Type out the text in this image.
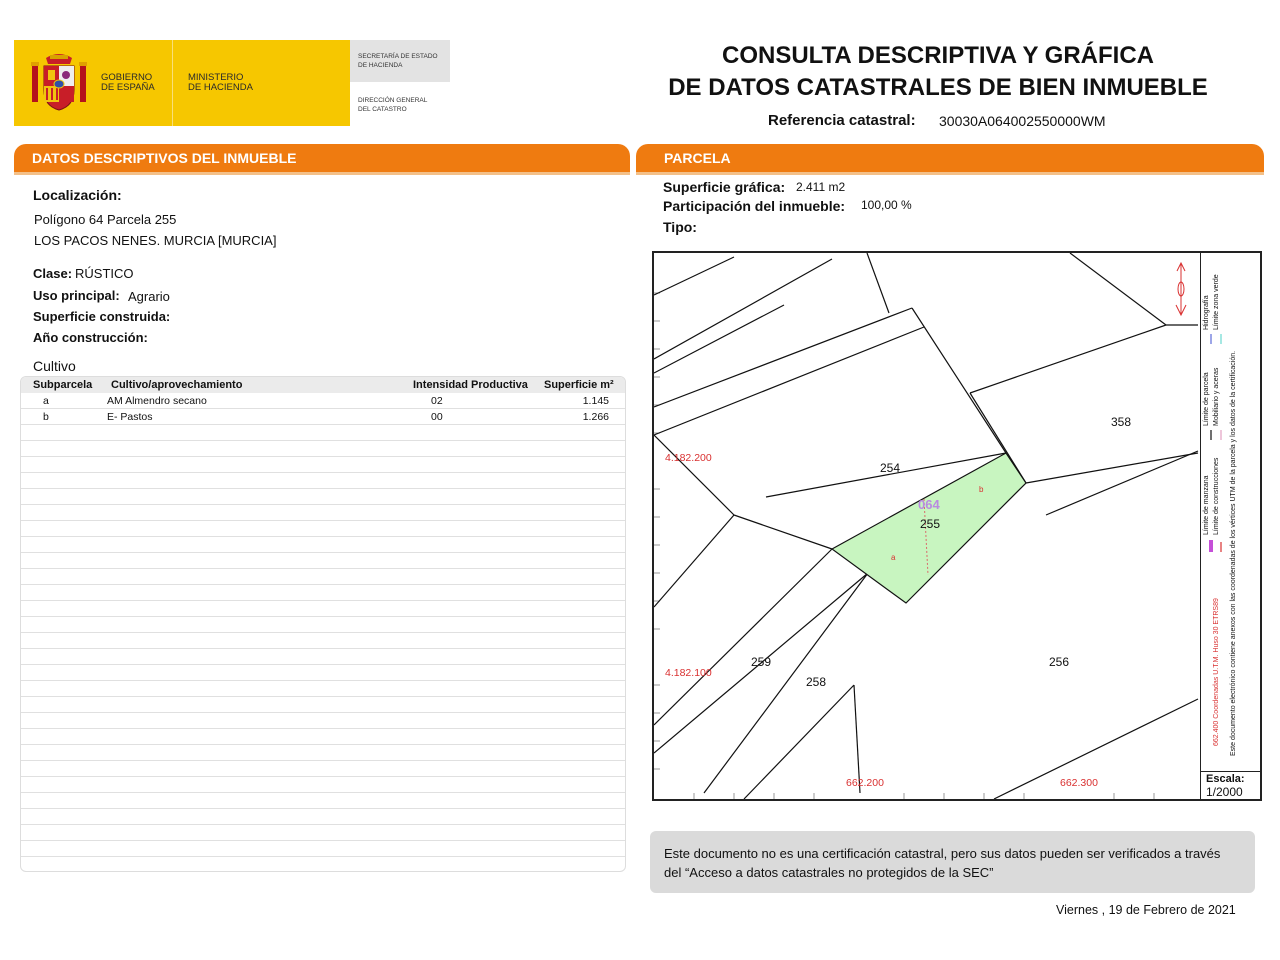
GOBIERNO
DE ESPAÑA
MINISTERIO
DE HACIENDA
SECRETARÍA DE ESTADO
DE HACIENDA
DIRECCIÓN GENERAL
DEL CATASTRO
CONSULTA DESCRIPTIVA Y GRÁFICA
DE DATOS CATASTRALES DE BIEN INMUEBLE
Referencia catastral: 30030A064002550000WM
DATOS DESCRIPTIVOS DEL INMUEBLE	PARCELA
Localización:
Polígono 64 Parcela 255
LOS PACOS NENES. MURCIA [MURCIA]
Clase: RÚSTICO
Uso principal: Agrario
Superficie construida:
Año construcción:
Cultivo
Subparcela Cultivo/aprovechamiento	Intensidad Productiva Superficie m²
a	AM Almendro secano	02	1.145
b	E- Pastos	00	1.266
Superficie gráfica: 2.411 m2
Participación del inmueble: 100,00 %
Tipo:
254
255
358
259
258
256
064
a
b
4.182.200
4.182.100
662.200	662.300
Límite de manzana
Límite de parcela
Hidrografía
Límite de construcciones
Mobiliario y aceras
Límite zona verde
662.400 Coordenadas U.T.M. Huso 30 ETRS89 Este documento electrónico contiene anexos con las coordenadas de los vértices UTM de la parcela y los datos de la certificación.
Escala:
1/2000
Este documento no es una certificación catastral, pero sus datos pueden ser verificados a través del “Acceso a datos catastrales no protegidos de la SEC”
Viernes , 19 de Febrero de 2021
